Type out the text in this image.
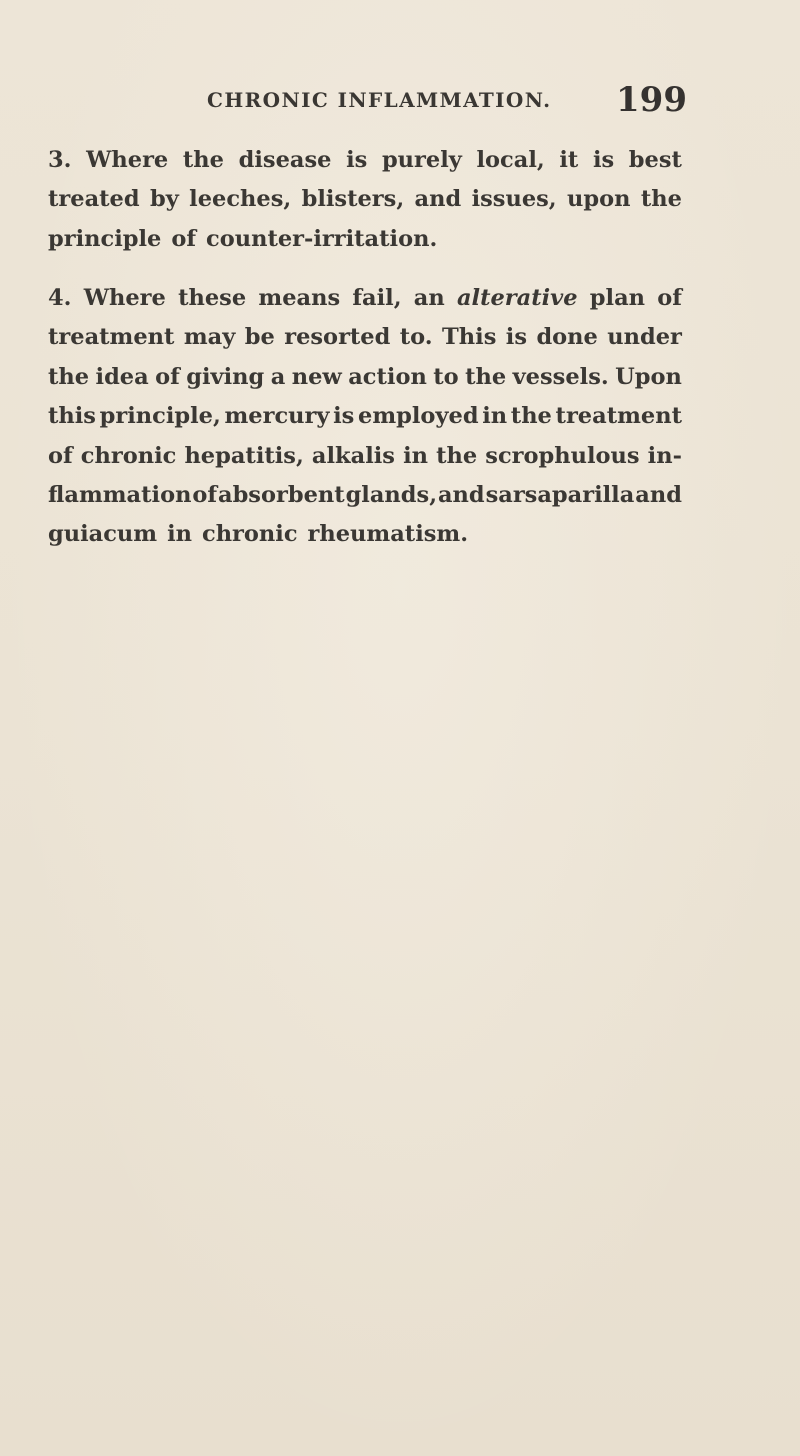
CHRONIC INFLAMMATION. 199
3. Where the disease is purely local, it is best
treated by leeches, blisters, and issues, upon the
principle of counter-irritation.
4. Where these means fail, an alterative plan of
treatment may be resorted to. This is done under
the idea of giving a new action to the vessels. Upon
this principle, mercury is employed in the treatment
of chronic hepatitis, alkalis in the scrophulous in-
flammation of absorbent glands, and sarsaparilla and
guiacum in chronic rheumatism.
